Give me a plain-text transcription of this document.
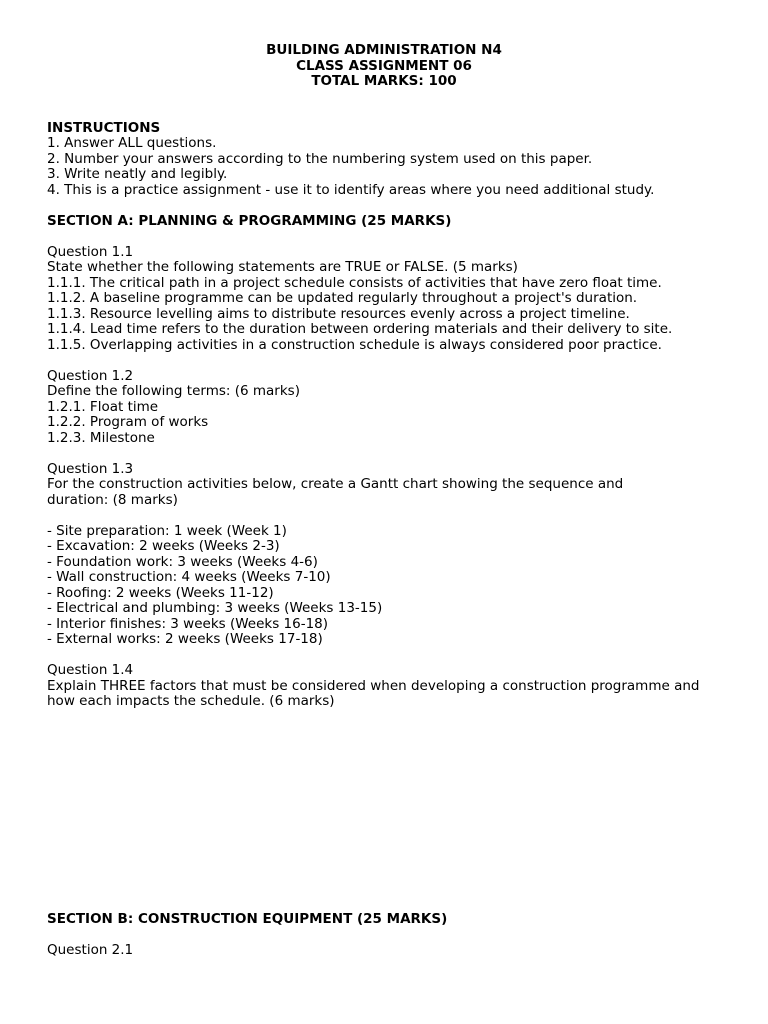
BUILDING ADMINISTRATION N4
CLASS ASSIGNMENT 06
TOTAL MARKS: 100
INSTRUCTIONS
1. Answer ALL questions.
2. Number your answers according to the numbering system used on this paper.
3. Write neatly and legibly.
4. This is a practice assignment - use it to identify areas where you need additional study.
SECTION A: PLANNING & PROGRAMMING (25 MARKS)
Question 1.1
State whether the following statements are TRUE or FALSE. (5 marks)
1.1.1. The critical path in a project schedule consists of activities that have zero float time.
1.1.2. A baseline programme can be updated regularly throughout a project's duration.
1.1.3. Resource levelling aims to distribute resources evenly across a project timeline.
1.1.4. Lead time refers to the duration between ordering materials and their delivery to site.
1.1.5. Overlapping activities in a construction schedule is always considered poor practice.
Question 1.2
Define the following terms: (6 marks)
1.2.1. Float time
1.2.2. Program of works
1.2.3. Milestone
Question 1.3
For the construction activities below, create a Gantt chart showing the sequence and duration: (8 marks)
- Site preparation: 1 week (Week 1)
- Excavation: 2 weeks (Weeks 2-3)
- Foundation work: 3 weeks (Weeks 4-6)
- Wall construction: 4 weeks (Weeks 7-10)
- Roofing: 2 weeks (Weeks 11-12)
- Electrical and plumbing: 3 weeks (Weeks 13-15)
- Interior finishes: 3 weeks (Weeks 16-18)
- External works: 2 weeks (Weeks 17-18)
Question 1.4
Explain THREE factors that must be considered when developing a construction programme and how each impacts the schedule. (6 marks)
SECTION B: CONSTRUCTION EQUIPMENT (25 MARKS)
Question 2.1
